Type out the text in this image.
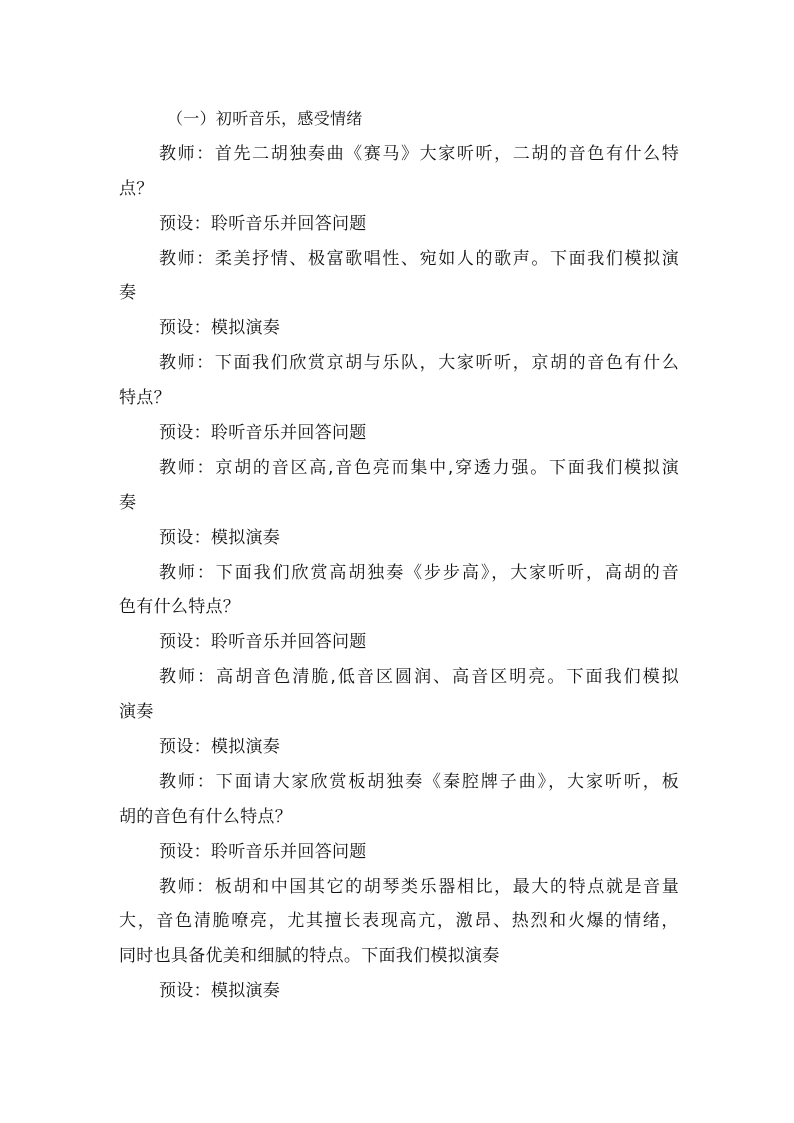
（一）初听音乐，感受情绪
教师：首先二胡独奏曲《赛马》大家听听，二胡的音色有什么特
点？
预设：聆听音乐并回答问题
教师：柔美抒情、极富歌唱性、宛如人的歌声。下面我们模拟演
奏
预设：模拟演奏
教师：下面我们欣赏京胡与乐队，大家听听，京胡的音色有什么
特点？
预设：聆听音乐并回答问题
教师：京胡的音区高,音色亮而集中,穿透力强。下面我们模拟演
奏
预设：模拟演奏
教师：下面我们欣赏高胡独奏《步步高》，大家听听，高胡的音
色有什么特点？
预设：聆听音乐并回答问题
教师：高胡音色清脆,低音区圆润、高音区明亮。下面我们模拟
演奏
预设：模拟演奏
教师：下面请大家欣赏板胡独奏《秦腔牌子曲》，大家听听，板
胡的音色有什么特点？
预设：聆听音乐并回答问题
教师：板胡和中国其它的胡琴类乐器相比，最大的特点就是音量
大，音色清脆嘹亮，尤其擅长表现高亢，激昂、热烈和火爆的情绪，
同时也具备优美和细腻的特点。下面我们模拟演奏
预设：模拟演奏
